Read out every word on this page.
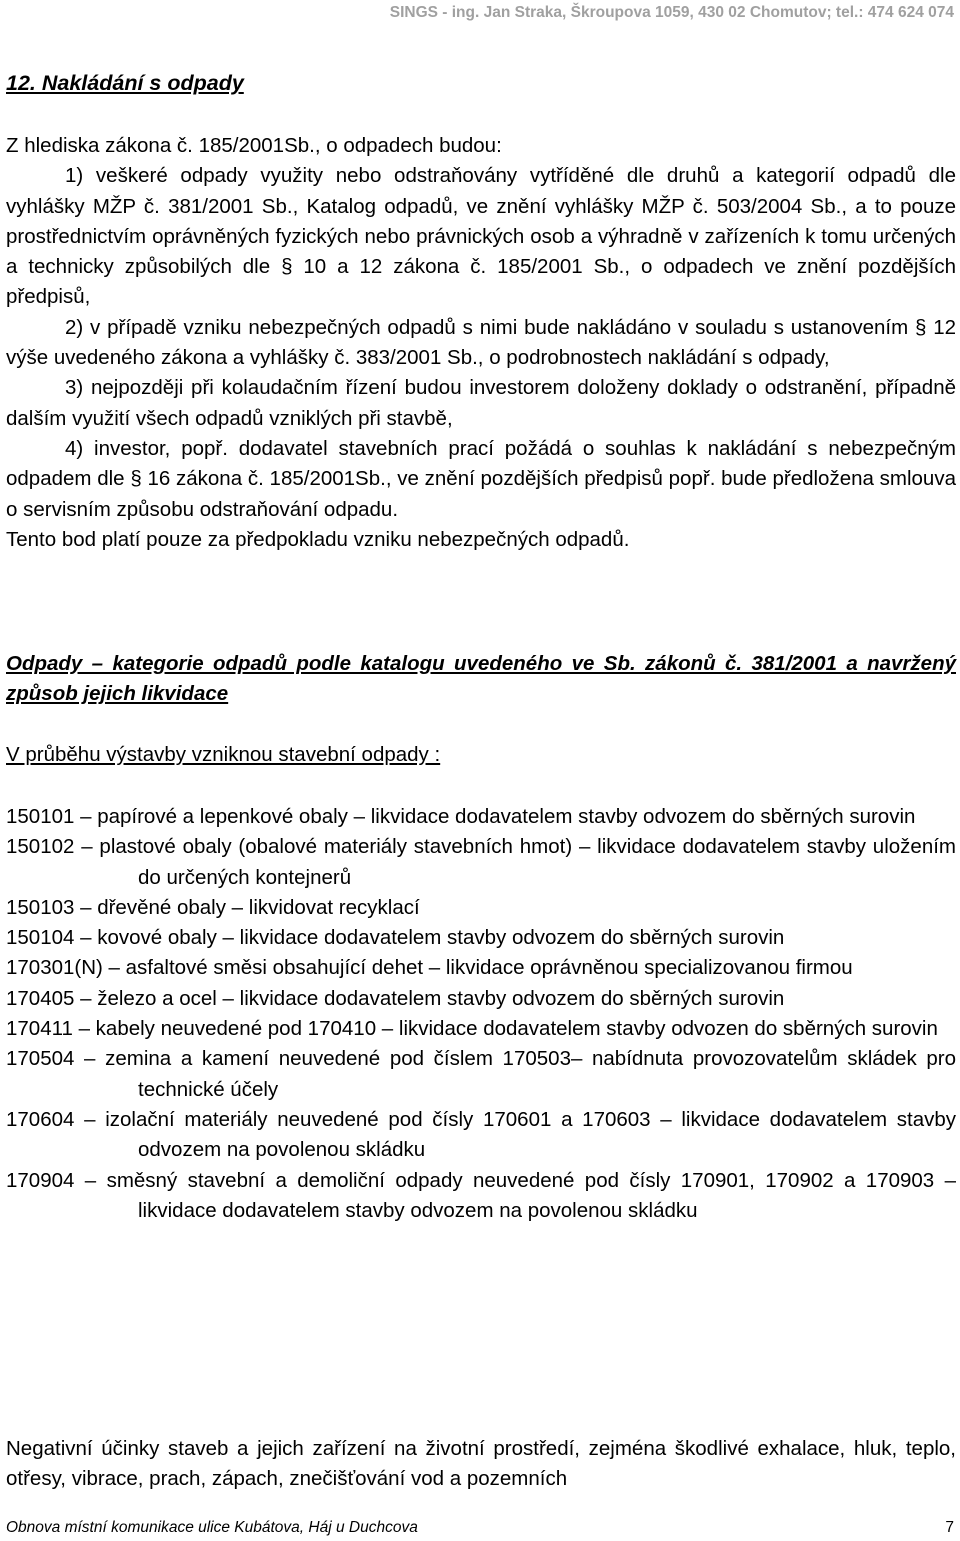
SINGS - ing. Jan Straka, Škroupova 1059, 430 02 Chomutov; tel.: 474 624 074
12. Nakládání s odpady

Z hlediska zákona č. 185/2001Sb., o odpadech budou:

1) veškeré odpady využity nebo odstraňovány vytříděné dle druhů a kategorií odpadů dle vyhlášky MŽP č. 381/2001 Sb., Katalog odpadů, ve znění vyhlášky MŽP č. 503/2004 Sb., a to pouze prostřednictvím oprávněných fyzických nebo právnických osob a výhradně v zařízeních k tomu určených a technicky způsobilých dle § 10 a 12 zákona č. 185/2001 Sb., o odpadech ve znění pozdějších předpisů,

2) v případě vzniku nebezpečných odpadů s nimi bude nakládáno v souladu s ustanovením § 12 výše uvedeného zákona a vyhlášky č. 383/2001 Sb., o podrobnostech nakládání s odpady,

3) nejpozději při kolaudačním řízení budou investorem doloženy doklady o odstranění, případně dalším využití všech odpadů vzniklých při stavbě,

4) investor, popř. dodavatel stavebních prací požádá o souhlas k nakládání s nebezpečným odpadem dle § 16 zákona č. 185/2001Sb., ve znění pozdějších předpisů popř. bude předložena smlouva o servisním způsobu odstraňování odpadu.

Tento bod platí pouze za předpokladu vzniku nebezpečných odpadů.

Odpady – kategorie odpadů podle katalogu uvedeného ve Sb. zákonů č. 381/2001 a navržený způsob jejich likvidace

V průběhu výstavby vzniknou stavební odpady :

150101 – papírové a lepenkové obaly – likvidace dodavatelem stavby odvozem do sběrných surovin

150102 – plastové obaly (obalové materiály stavebních hmot) – likvidace dodavatelem stavby uložením do určených kontejnerů

150103 – dřevěné obaly – likvidovat recyklací

150104 – kovové obaly – likvidace dodavatelem stavby odvozem do sběrných surovin

170301(N) – asfaltové směsi obsahující dehet – likvidace oprávněnou specializovanou firmou

170405 – železo a ocel – likvidace dodavatelem stavby odvozem do sběrných surovin

170411 – kabely neuvedené pod 170410 – likvidace dodavatelem stavby odvozen do sběrných surovin

170504 – zemina a kamení neuvedené pod číslem 170503– nabídnuta provozovatelům skládek pro technické účely

170604 – izolační materiály neuvedené pod čísly 170601 a 170603 – likvidace dodavatelem stavby odvozem na povolenou skládku

170904 – směsný stavební a demoliční odpady neuvedené pod čísly 170901, 170902 a 170903 – likvidace dodavatelem stavby odvozem na povolenou skládku

Negativní účinky staveb a jejich zařízení na životní prostředí, zejména škodlivé exhalace, hluk, teplo, otřesy, vibrace, prach, zápach, znečišťování vod a pozemních

Obnova místní komunikace ulice Kubátova, Háj u Duchcova	7
